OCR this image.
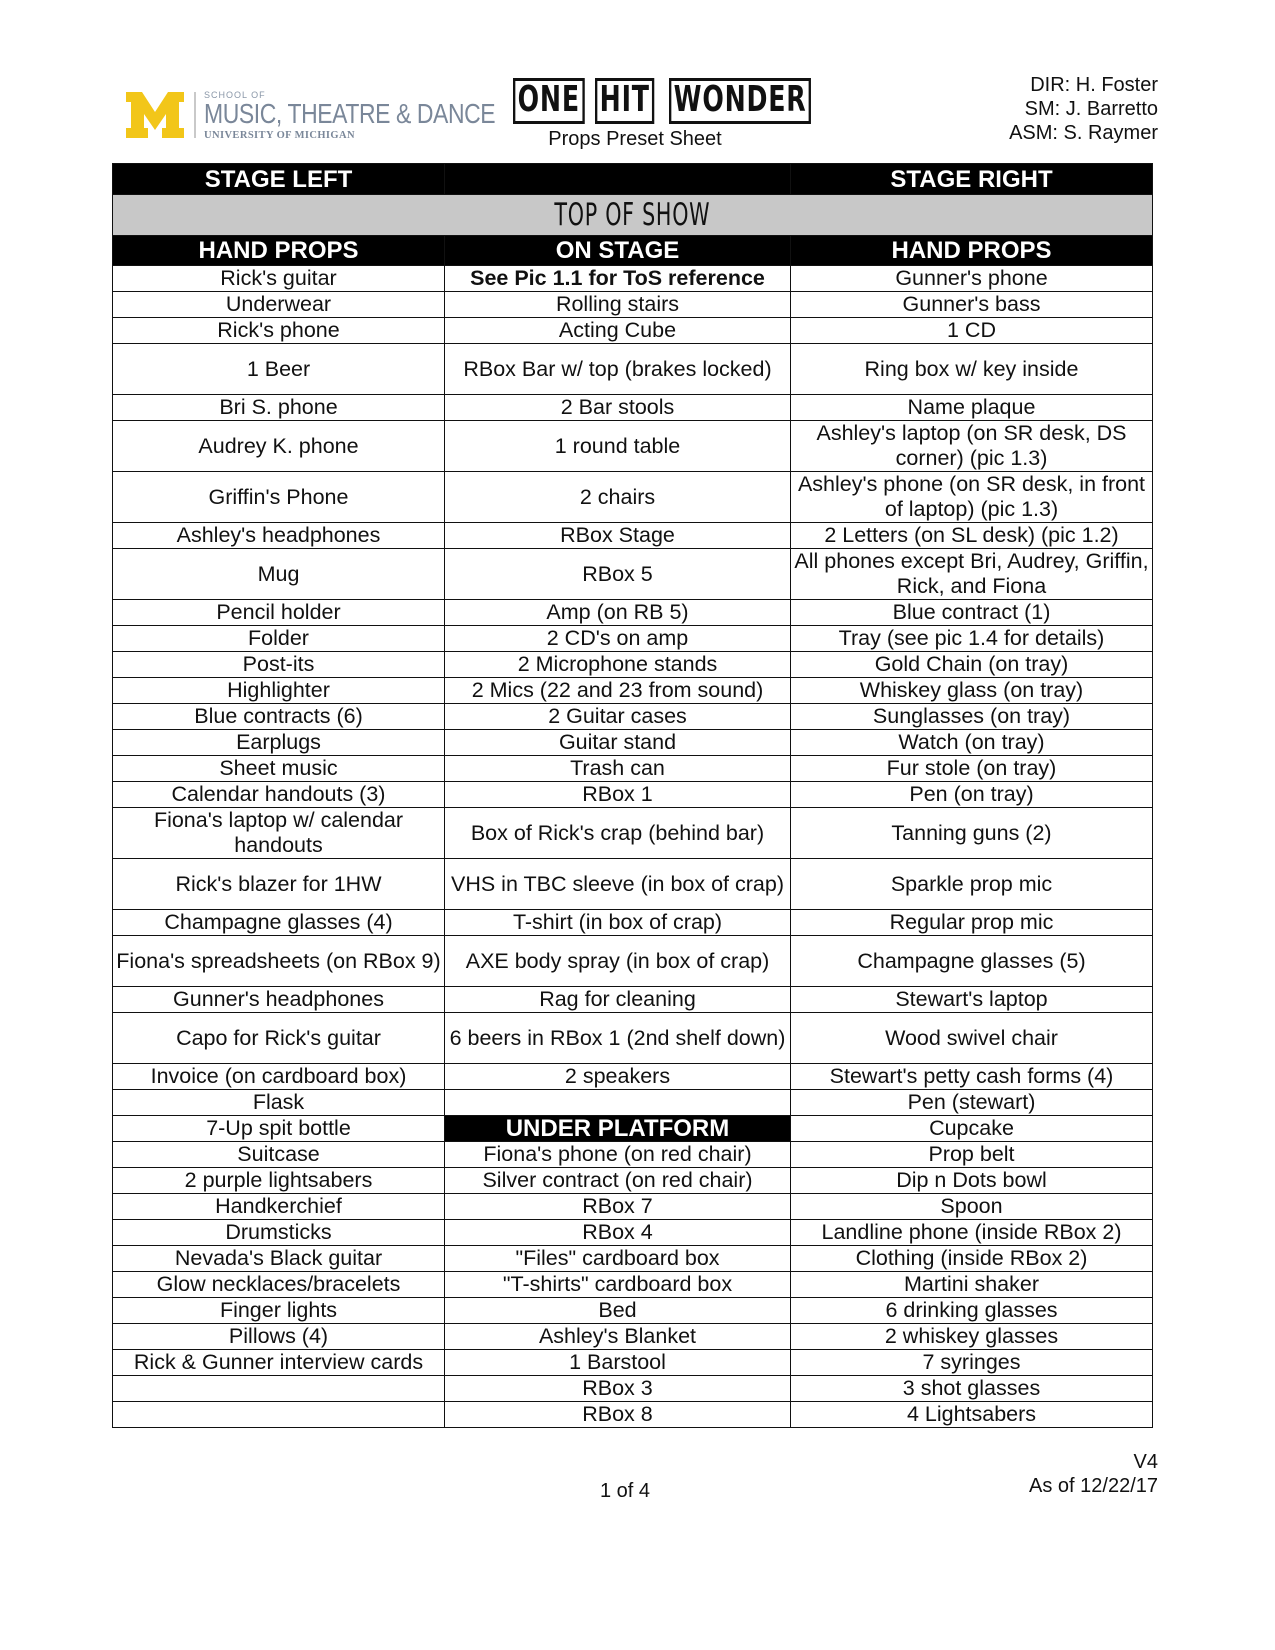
SCHOOL OF
MUSIC, THEATRE & DANCE
UNIVERSITY OF MICHIGAN
ONE HIT WONDER
Props Preset Sheet
DIR: H. Foster
SM: J. Barretto
ASM: S. Raymer
STAGE LEFT		STAGE RIGHT
TOP OF SHOW		
HAND PROPS	ON STAGE	HAND PROPS
Rick's guitar	See Pic 1.1 for ToS reference	Gunner's phone
Underwear	Rolling stairs	Gunner's bass
Rick's phone	Acting Cube	1 CD
1 Beer	RBox Bar w/ top (brakes locked)	Ring box w/ key inside
Bri S. phone	2 Bar stools	Name plaque
Audrey K. phone	1 round table	Ashley's laptop (on SR desk, DS corner) (pic 1.3)
Griffin's Phone	2 chairs	Ashley's phone (on SR desk, in front of laptop) (pic 1.3)
Ashley's headphones	RBox Stage	2 Letters (on SL desk) (pic 1.2)
Mug	RBox 5	All phones except Bri, Audrey, Griffin, Rick, and Fiona
Pencil holder	Amp (on RB 5)	Blue contract (1)
Folder	2 CD's on amp	Tray (see pic 1.4 for details)
Post-its	2 Microphone stands	Gold Chain (on tray)
Highlighter	2 Mics (22 and 23 from sound)	Whiskey glass (on tray)
Blue contracts (6)	2 Guitar cases	Sunglasses (on tray)
Earplugs	Guitar stand	Watch (on tray)
Sheet music	Trash can	Fur stole (on tray)
Calendar handouts (3)	RBox 1	Pen (on tray)
Fiona's laptop w/ calendar handouts	Box of Rick's crap (behind bar)	Tanning guns (2)
Rick's blazer for 1HW	VHS in TBC sleeve (in box of crap)	Sparkle prop mic
Champagne glasses (4)	T-shirt (in box of crap)	Regular prop mic
Fiona's spreadsheets (on RBox 9)	AXE body spray (in box of crap)	Champagne glasses (5)
Gunner's headphones	Rag for cleaning	Stewart's laptop
Capo for Rick's guitar	6 beers in RBox 1 (2nd shelf down)	Wood swivel chair
Invoice (on cardboard box)	2 speakers	Stewart's petty cash forms (4)
Flask		Pen (stewart)
7-Up spit bottle	UNDER PLATFORM	Cupcake
Suitcase	Fiona's phone (on red chair)	Prop belt
2 purple lightsabers	Silver contract (on red chair)	Dip n Dots bowl
Handkerchief	RBox 7	Spoon
Drumsticks	RBox 4	Landline phone (inside RBox 2)
Nevada's Black guitar	"Files" cardboard box	Clothing (inside RBox 2)
Glow necklaces/bracelets	"T-shirts" cardboard box	Martini shaker
Finger lights	Bed	6 drinking glasses
Pillows (4)	Ashley's Blanket	2 whiskey glasses
Rick & Gunner interview cards	1 Barstool	7 syringes
	RBox 3	3 shot glasses
	RBox 8	4 Lightsabers
1 of 4
V4
As of 12/22/17
